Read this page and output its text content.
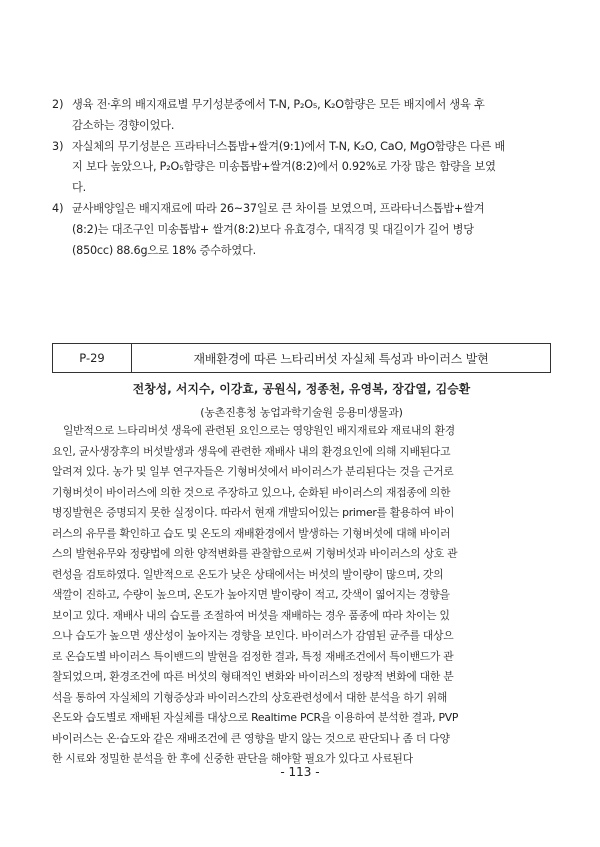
2) 생육 전·후의 배지재료별 무기성분중에서 T-N, P₂O₅, K₂O함량은 모든 배지에서 생육 후
감소하는 경향이었다.
3) 자실체의 무기성분은 프라타너스톱밥+쌀겨(9:1)에서 T-N, K₂O, CaO, MgO함량은 다른 배
지 보다 높았으나, P₂O₅함량은 미송톱밥+쌀겨(8:2)에서 0.92%로 가장 많은 함량을 보였
다.
4) 균사배양일은 배지재료에 따라 26~37일로 큰 차이를 보였으며, 프라타너스톱밥+쌀겨
(8:2)는 대조구인 미송톱밥+ 쌀겨(8:2)보다 유효경수, 대직경 및 대길이가 길어 병당
(850cc) 88.6g으로 18% 증수하였다.
P-29	재배환경에 따른 느타리버섯 자실체 특성과 바이러스 발현
전창성, 서지수, 이강효, 공원식, 정종천, 유영복, 장갑열, 김승환
(농촌진흥청 농업과학기술원 응용미생물과)
일반적으로 느타리버섯 생육에 관련된 요인으로는 영양원인 배지재료와 재료내의 환경
요인, 균사생장후의 버섯발생과 생육에 관련한 재배사 내의 환경요인에 의해 지배된다고
알려져 있다. 농가 및 일부 연구자들은 기형버섯에서 바이러스가 분리된다는 것을 근거로
기형버섯이 바이러스에 의한 것으로 주장하고 있으나, 순화된 바이러스의 재접종에 의한
병징발현은 증명되지 못한 실정이다. 따라서 현재 개발되어있는 primer를 활용하여 바이
러스의 유무를 확인하고 습도 및 온도의 재배환경에서 발생하는 기형버섯에 대해 바이러
스의 발현유무와 정량법에 의한 양적변화를 관찰함으로써 기형버섯과 바이러스의 상호 관
련성을 검토하였다. 일반적으로 온도가 낮은 상태에서는 버섯의 발이량이 많으며, 갓의
색깔이 진하고, 수량이 높으며, 온도가 높아지면 발이량이 적고, 갓색이 엷어지는 경향을
보이고 있다. 재배사 내의 습도를 조절하여 버섯을 재배하는 경우 품종에 따라 차이는 있
으나 습도가 높으면 생산성이 높아지는 경향을 보인다. 바이러스가 감염된 균주를 대상으
로 온습도별 바이러스 특이밴드의 발현을 검정한 결과, 특정 재배조건에서 특이밴드가 관
찰되었으며, 환경조건에 따른 버섯의 형태적인 변화와 바이러스의 정량적 변화에 대한 분
석을 통하여 자실체의 기형증상과 바이러스간의 상호관련성에서 대한 분석을 하기 위해
온도와 습도별로 재배된 자실체를 대상으로 Realtime PCR을 이용하여 분석한 결과, PVP
바이러스는 온·습도와 같은 재배조건에 큰 영향을 받지 않는 것으로 판단되나 좀 더 다양
한 시료와 정밀한 분석을 한 후에 신중한 판단을 해야할 필요가 있다고 사료된다
- 113 -
